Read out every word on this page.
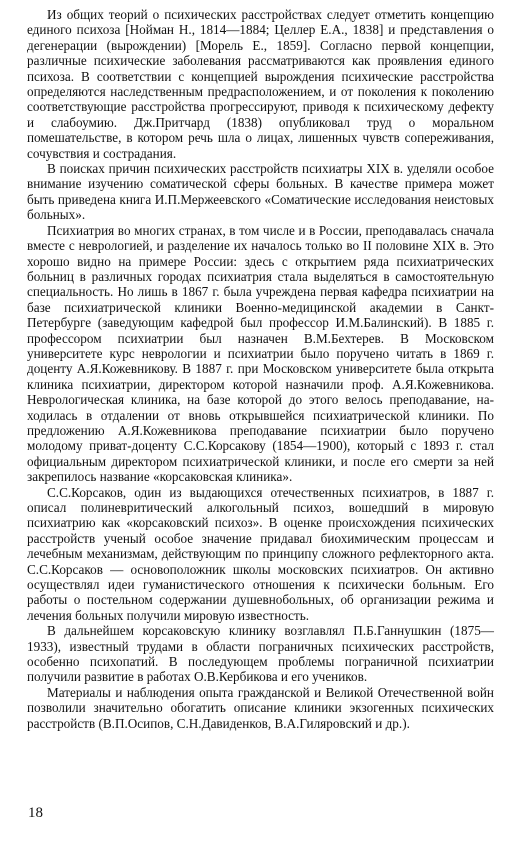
Из общих теорий о психических расстройствах следует отметить концепцию единого психоза [Нойман Н., 1814—1884; Целлер Е.А., 1838] и представления о дегенерации (вырождении) [Морель Е., 1859]. Согласно первой концепции, различные психические заболевания рассматриваются как проявления единого психоза. В соответствии с концепцией вырождения психические расстройства определяются наследственным предрасположением, и от поколения к поколению соответствующие расстройства прогрессируют, приводя к психическому дефекту и слабоумию. Дж.Притчард (1838) опубликовал труд о моральном помешательстве, в котором речь шла о лицах, лишенных чувств сопереживания, сочувствия и сострадания.

В поисках причин психических расстройств психиатры XIX в. уделяли особое внимание изучению соматической сферы больных. В качестве примера может быть приведена книга И.П.Мержеевского «Соматические исследования неистовых больных».

Психиатрия во многих странах, в том числе и в России, преподавалась сначала вместе с неврологией, и разделение их началось только во II половине XIX в. Это хорошо видно на примере России: здесь с открытием ряда психиатрических больниц в различных городах психиатрия стала выделяться в самостоятельную специальность. Но лишь в 1867 г. была учреждена первая кафедра психиатрии на базе психиатрической клиники Военно-медицинской академии в Санкт-Петербурге (заведующим кафедрой был профессор И.М.Балинский). В 1885 г. профессором психиатрии был назначен В.М.Бехтерев. В Московском университете курс неврологии и психиатрии было поручено читать в 1869 г. доценту А.Я.Кожевникову. В 1887 г. при Московском университете была открыта клиника психиатрии, директором которой назначили проф. А.Я.Кожевникова. Неврологическая клиника, на базе которой до этого велось преподавание, находилась в отдалении от вновь открывшейся психиатрической клиники. По предложению А.Я.Кожевникова преподавание психиатрии было поручено молодому приват-доценту С.С.Корсакову (1854—1900), который с 1893 г. стал официальным директором психиатрической клиники, и после его смерти за ней закрепилось название «корсаковская клиника».

С.С.Корсаков, один из выдающихся отечественных психиатров, в 1887 г. описал полиневритический алкогольный психоз, вошедший в мировую психиатрию как «корсаковский психоз». В оценке происхождения психических расстройств ученый особое значение придавал биохимическим процессам и лечебным механизмам, действующим по принципу сложного рефлекторного акта. С.С.Корсаков — основоположник школы московских психиатров. Он активно осуществлял идеи гуманистического отношения к психически больным. Его работы о постельном содержании душевнобольных, об организации режима и лечения больных получили мировую известность.

В дальнейшем корсаковскую клинику возглавлял П.Б.Ганнушкин (1875—1933), известный трудами в области пограничных психических расстройств, особенно психопатий. В последующем проблемы пограничной психиатрии получили развитие в работах О.В.Кербикова и его учеников.

Материалы и наблюдения опыта гражданской и Великой Отечественной войн позволили значительно обогатить описание клиники экзогенных психических расстройств (В.П.Осипов, С.Н.Давиденков, В.А.Гиляровский и др.).

18
